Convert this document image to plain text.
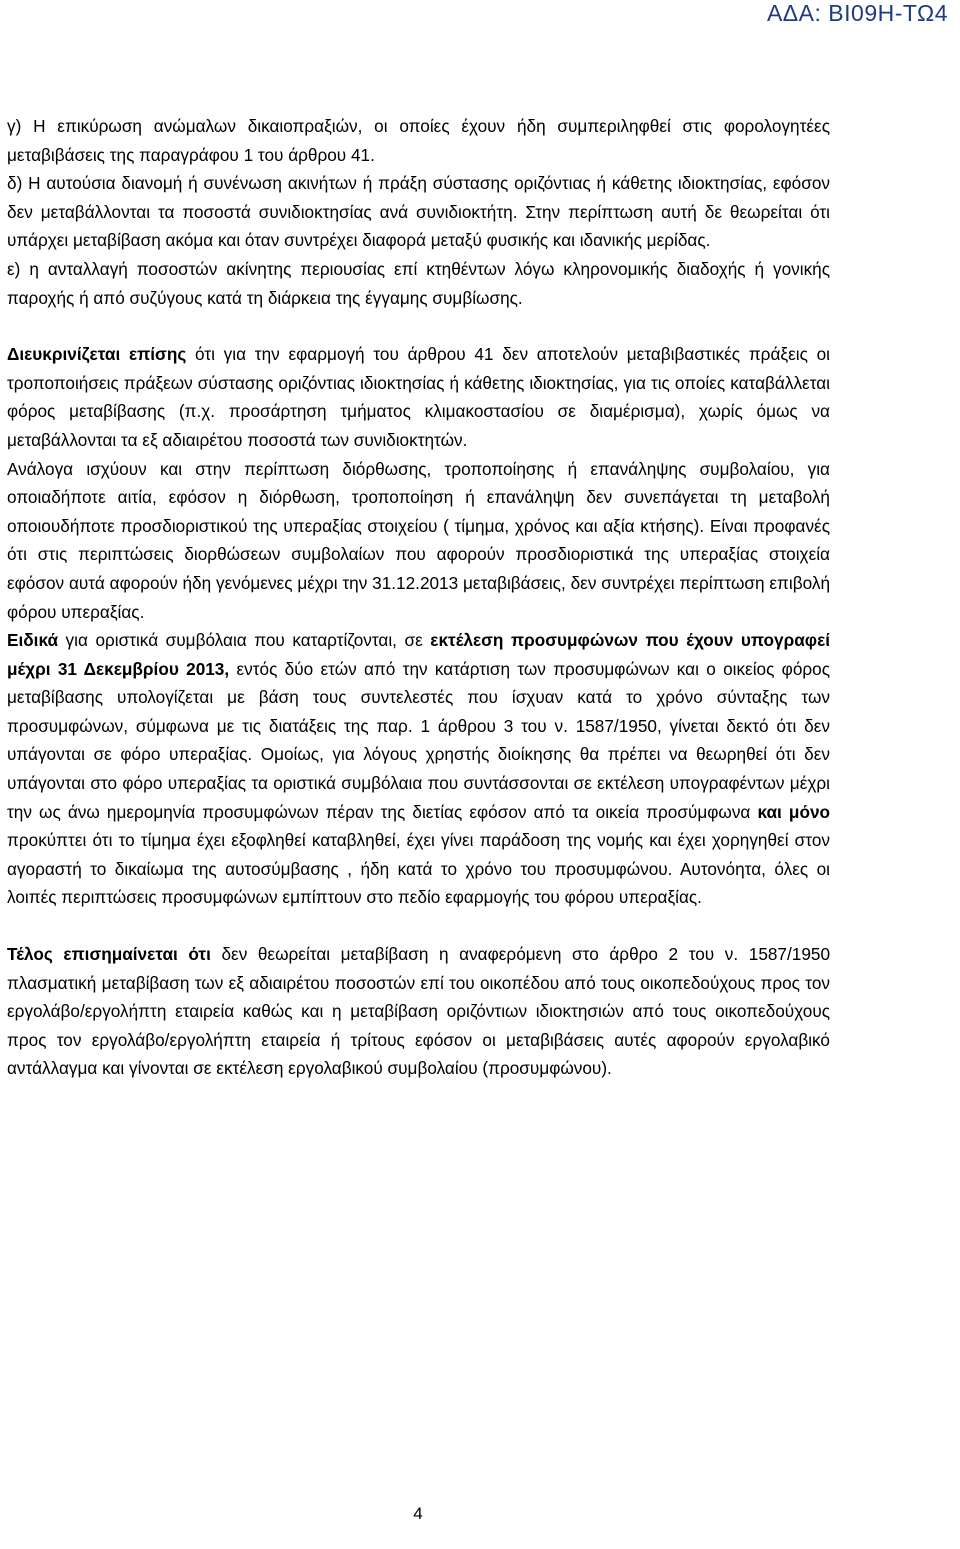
ΑΔΑ: ΒΙ09Η-ΤΩ4

γ) Η επικύρωση ανώμαλων δικαιοπραξιών, οι οποίες έχουν ήδη συμπεριληφθεί στις φορολογητέες μεταβιβάσεις της παραγράφου 1 του άρθρου 41.

δ) Η αυτούσια διανομή ή συνένωση ακινήτων ή πράξη σύστασης οριζόντιας ή κάθετης ιδιοκτησίας, εφόσον δεν μεταβάλλονται τα ποσοστά συνιδιοκτησίας ανά συνιδιοκτήτη. Στην περίπτωση αυτή δε θεωρείται ότι υπάρχει μεταβίβαση ακόμα και όταν συντρέχει διαφορά μεταξύ φυσικής και ιδανικής μερίδας.

ε) η ανταλλαγή ποσοστών ακίνητης περιουσίας επί κτηθέντων λόγω κληρονομικής διαδοχής ή γονικής παροχής ή από συζύγους κατά τη διάρκεια της έγγαμης συμβίωσης.

Διευκρινίζεται επίσης ότι για την εφαρμογή του άρθρου 41 δεν αποτελούν μεταβιβαστικές πράξεις οι τροποποιήσεις πράξεων σύστασης οριζόντιας ιδιοκτησίας ή κάθετης ιδιοκτησίας, για τις οποίες καταβάλλεται φόρος μεταβίβασης (π.χ. προσάρτηση τμήματος κλιμακοστασίου σε διαμέρισμα), χωρίς όμως να μεταβάλλονται τα εξ αδιαιρέτου ποσοστά των συνιδιοκτητών.

Ανάλογα ισχύουν και στην περίπτωση διόρθωσης, τροποποίησης ή επανάληψης συμβολαίου, για οποιαδήποτε αιτία, εφόσον η διόρθωση, τροποποίηση ή επανάληψη δεν συνεπάγεται τη μεταβολή οποιουδήποτε προσδιοριστικού της υπεραξίας στοιχείου ( τίμημα, χρόνος και αξία κτήσης). Είναι προφανές ότι στις περιπτώσεις διορθώσεων συμβολαίων που αφορούν προσδιοριστικά της υπεραξίας στοιχεία εφόσον αυτά αφορούν ήδη γενόμενες μέχρι την 31.12.2013 μεταβιβάσεις, δεν συντρέχει περίπτωση επιβολή φόρου υπεραξίας.

Ειδικά για οριστικά συμβόλαια που καταρτίζονται, σε εκτέλεση προσυμφώνων που έχουν υπογραφεί μέχρι 31 Δεκεμβρίου 2013, εντός δύο ετών από την κατάρτιση των προσυμφώνων και ο οικείος φόρος μεταβίβασης υπολογίζεται με βάση τους συντελεστές που ίσχυαν κατά το χρόνο σύνταξης των προσυμφώνων, σύμφωνα με τις διατάξεις της παρ. 1 άρθρου 3 του ν. 1587/1950, γίνεται δεκτό ότι δεν υπάγονται σε φόρο υπεραξίας. Ομοίως, για λόγους χρηστής διοίκησης θα πρέπει να θεωρηθεί ότι δεν υπάγονται στο φόρο υπεραξίας τα οριστικά συμβόλαια που συντάσσονται σε εκτέλεση υπογραφέντων μέχρι την ως άνω ημερομηνία προσυμφώνων πέραν της διετίας εφόσον από τα οικεία προσύμφωνα και μόνο προκύπτει ότι το τίμημα έχει εξοφληθεί καταβληθεί, έχει γίνει παράδοση της νομής και έχει χορηγηθεί στον αγοραστή το δικαίωμα της αυτοσύμβασης , ήδη κατά το χρόνο του προσυμφώνου. Αυτονόητα, όλες οι λοιπές περιπτώσεις προσυμφώνων εμπίπτουν στο πεδίο εφαρμογής του φόρου υπεραξίας.

Τέλος επισημαίνεται ότι δεν θεωρείται μεταβίβαση η αναφερόμενη στο άρθρο 2 του ν. 1587/1950 πλασματική μεταβίβαση των εξ αδιαιρέτου ποσοστών επί του οικοπέδου από τους οικοπεδούχους προς τον εργολάβο/εργολήπτη εταιρεία καθώς και η μεταβίβαση οριζόντιων ιδιοκτησιών από τους οικοπεδούχους προς τον εργολάβο/εργολήπτη εταιρεία ή τρίτους εφόσον οι μεταβιβάσεις αυτές αφορούν εργολαβικό αντάλλαγμα και γίνονται σε εκτέλεση εργολαβικού συμβολαίου (προσυμφώνου).

4
